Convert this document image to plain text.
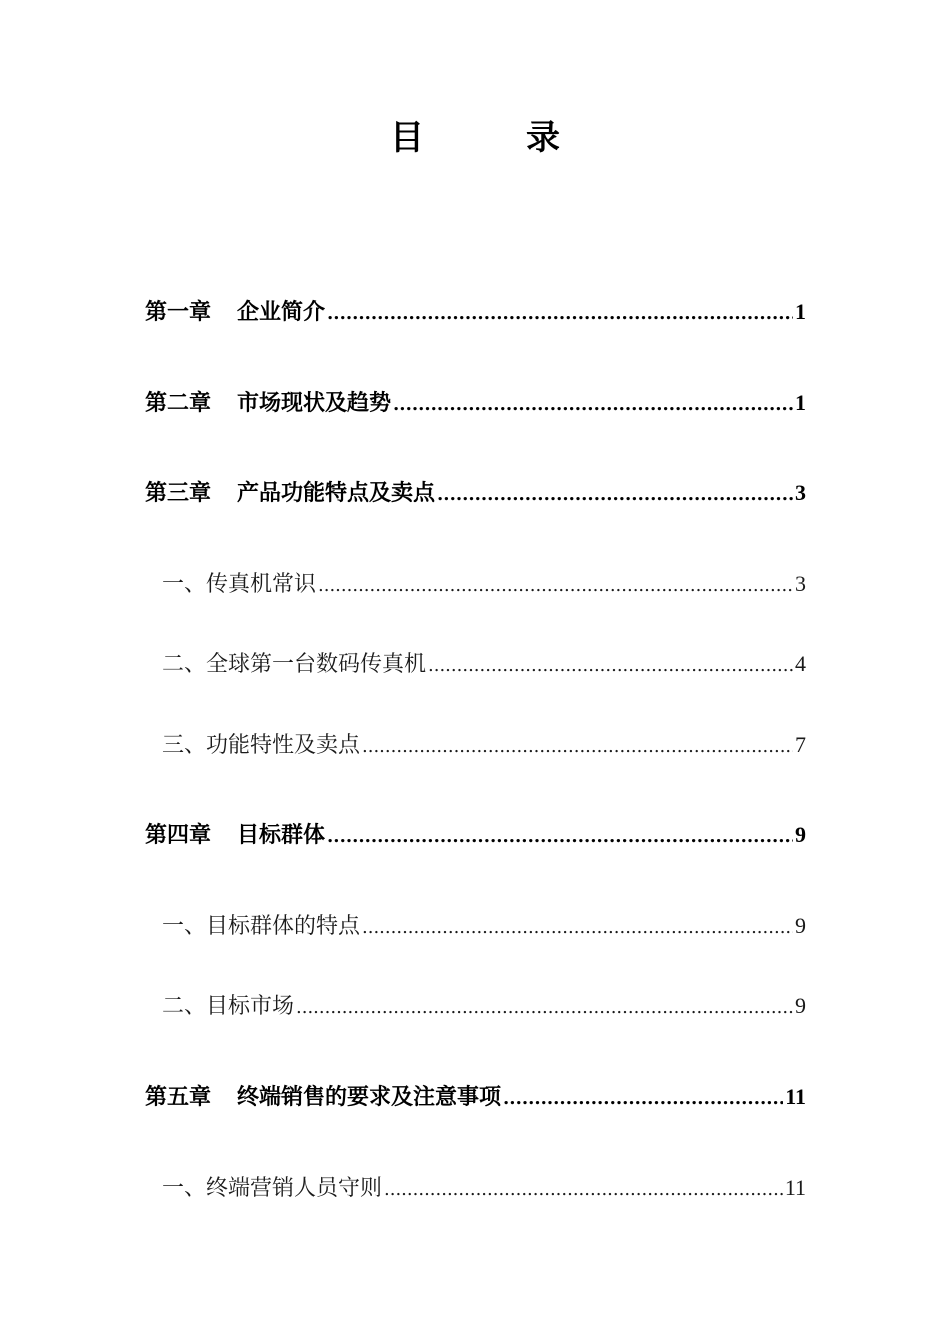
目　录
第一章 企业简介 .....	1
第二章 市场现状及趋势 .....	1
第三章 产品功能特点及卖点 .....	3
一、传真机常识 .....	3
二、全球第一台数码传真机 .....	4
三、功能特性及卖点 .....	7
第四章 目标群体 .....	9
一、目标群体的特点 .....	9
二、目标市场 .....	9
第五章 终端销售的要求及注意事项 .....	11
一、终端营销人员守则 .....	11
